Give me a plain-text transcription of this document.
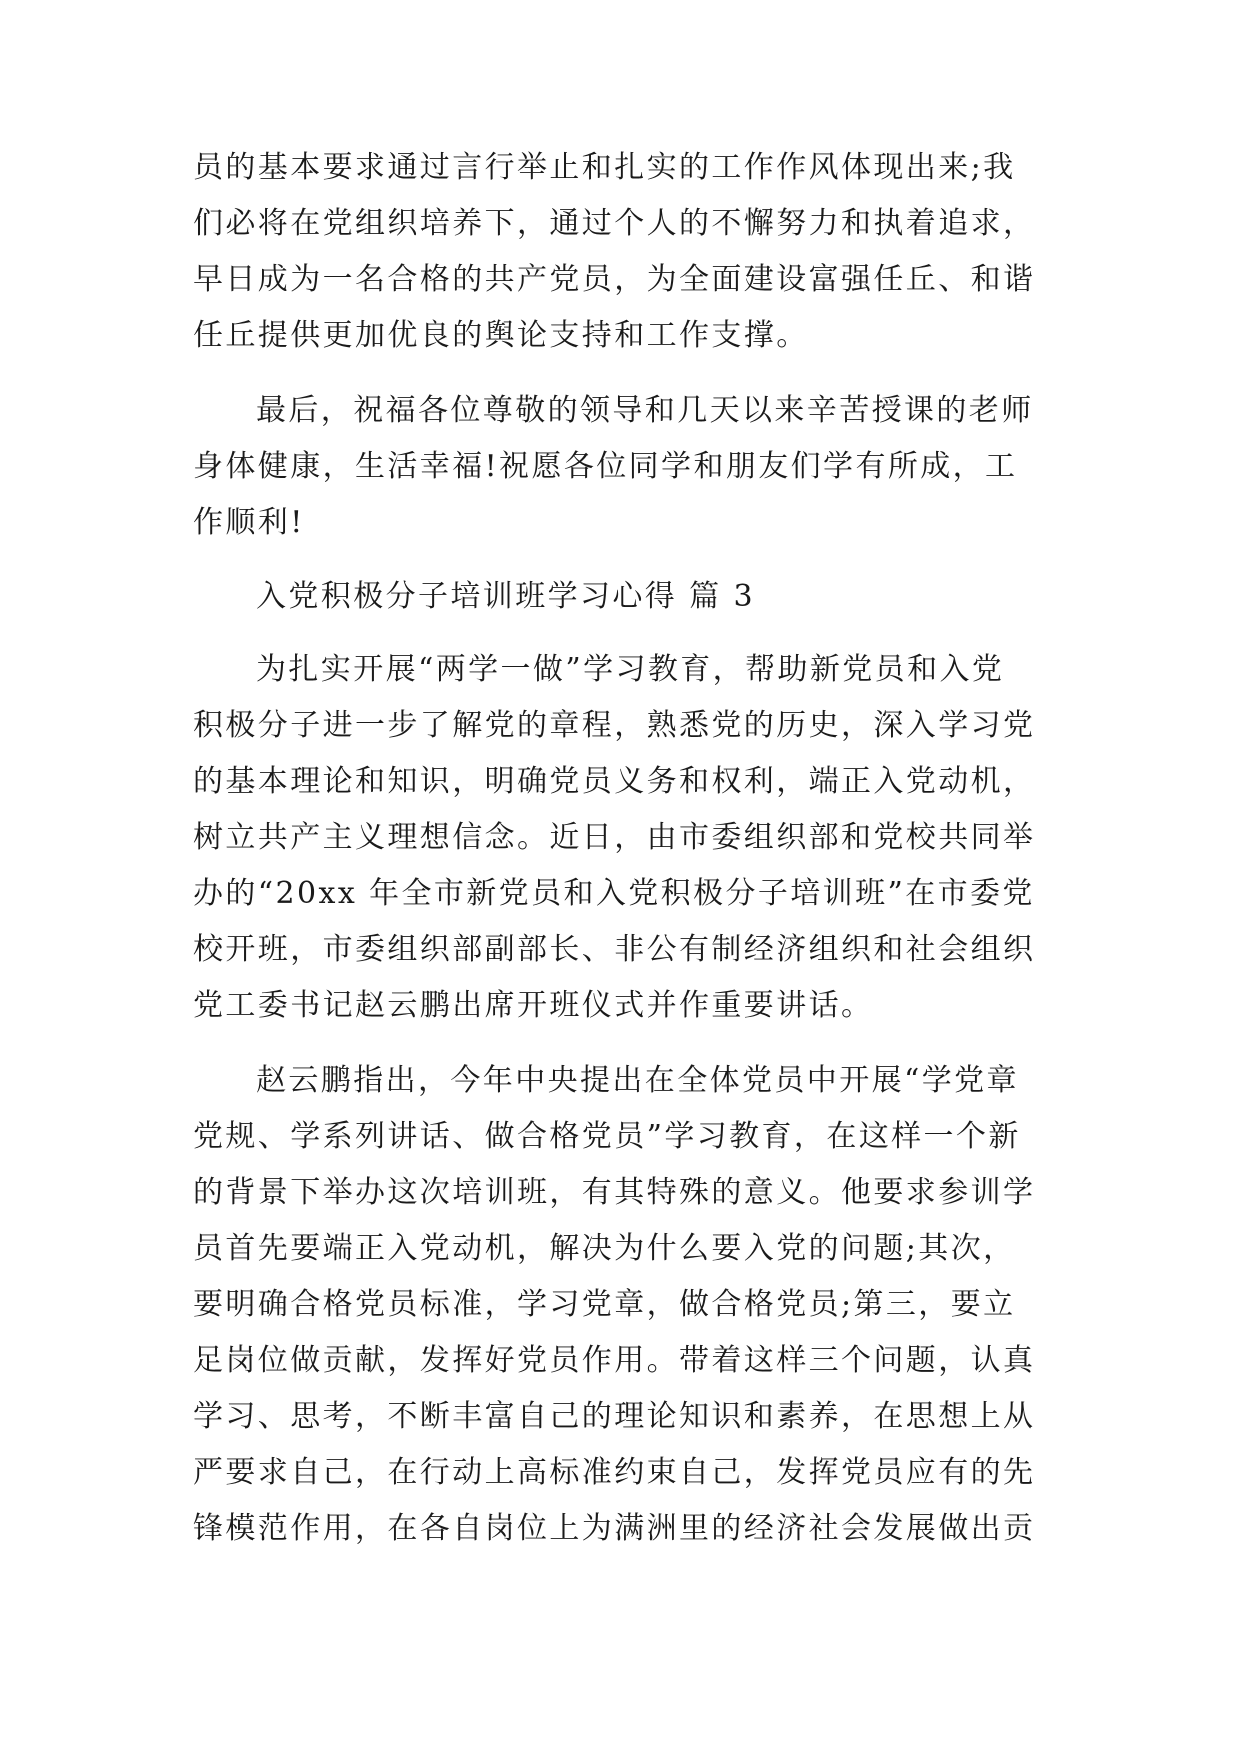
员的基本要求通过言行举止和扎实的工作作风体现出来;我
们必将在党组织培养下，通过个人的不懈努力和执着追求，
早日成为一名合格的共产党员，为全面建设富强任丘、和谐
任丘提供更加优良的舆论支持和工作支撑。
最后，祝福各位尊敬的领导和几天以来辛苦授课的老师
身体健康，生活幸福!祝愿各位同学和朋友们学有所成，工
作顺利!
入党积极分子培训班学习心得 篇 3
为扎实开展“两学一做”学习教育，帮助新党员和入党
积极分子进一步了解党的章程，熟悉党的历史，深入学习党
的基本理论和知识，明确党员义务和权利，端正入党动机，
树立共产主义理想信念。近日，由市委组织部和党校共同举
办的“20xx 年全市新党员和入党积极分子培训班”在市委党
校开班，市委组织部副部长、非公有制经济组织和社会组织
党工委书记赵云鹏出席开班仪式并作重要讲话。
赵云鹏指出，今年中央提出在全体党员中开展“学党章
党规、学系列讲话、做合格党员”学习教育，在这样一个新
的背景下举办这次培训班，有其特殊的意义。他要求参训学
员首先要端正入党动机，解决为什么要入党的问题;其次，
要明确合格党员标准，学习党章，做合格党员;第三，要立
足岗位做贡献，发挥好党员作用。带着这样三个问题，认真
学习、思考，不断丰富自己的理论知识和素养，在思想上从
严要求自己，在行动上高标准约束自己，发挥党员应有的先
锋模范作用，在各自岗位上为满洲里的经济社会发展做出贡
